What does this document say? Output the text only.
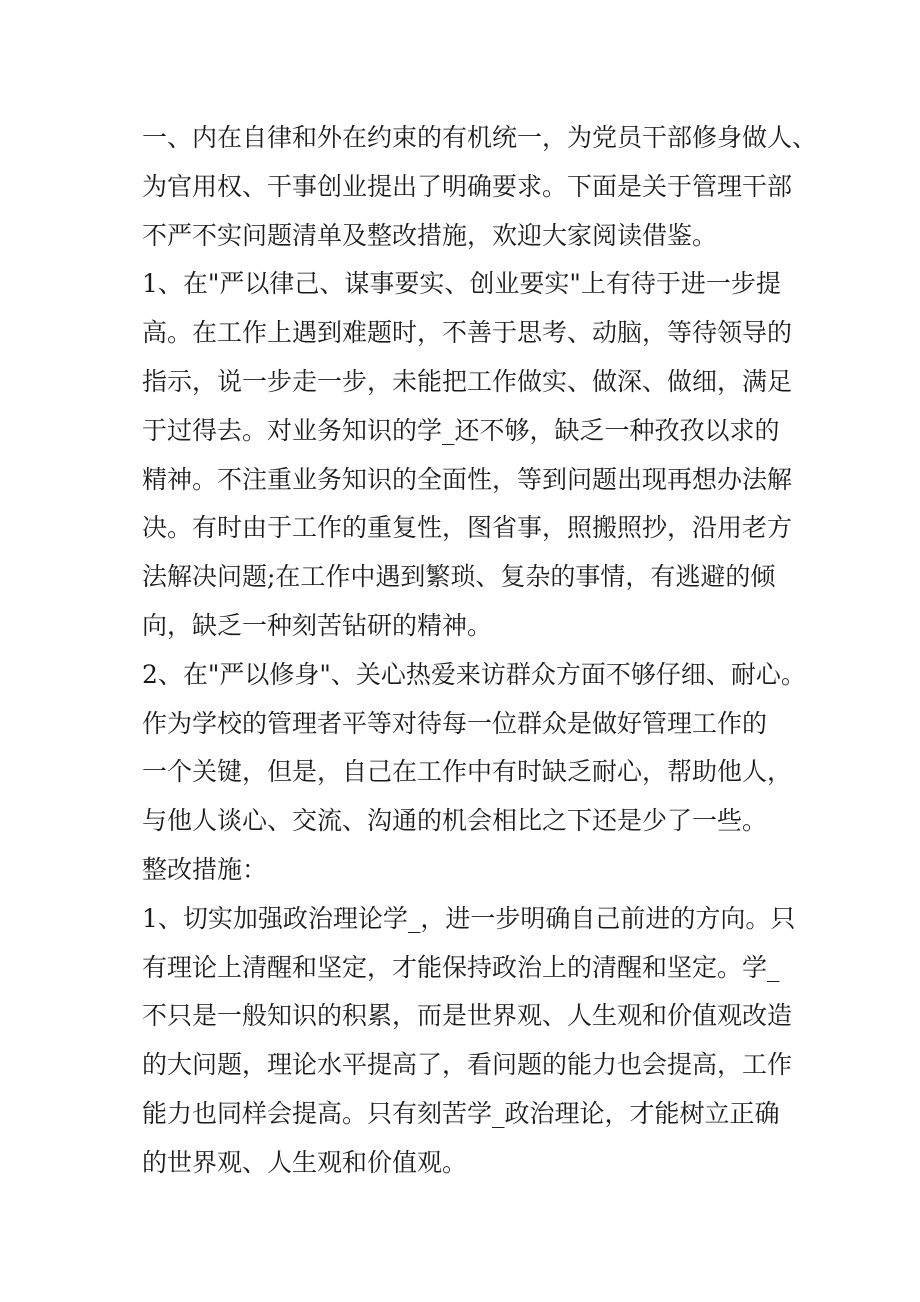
一、内在自律和外在约束的有机统一，为党员干部修身做人、
为官用权、干事创业提出了明确要求。下面是关于管理干部
不严不实问题清单及整改措施，欢迎大家阅读借鉴。
1、在"严以律己、谋事要实、创业要实"上有待于进一步提
高。在工作上遇到难题时，不善于思考、动脑，等待领导的
指示，说一步走一步，未能把工作做实、做深、做细，满足
于过得去。对业务知识的学_还不够，缺乏一种孜孜以求的
精神。不注重业务知识的全面性，等到问题出现再想办法解
决。有时由于工作的重复性，图省事，照搬照抄，沿用老方
法解决问题;在工作中遇到繁琐、复杂的事情，有逃避的倾
向，缺乏一种刻苦钻研的精神。
2、在"严以修身"、关心热爱来访群众方面不够仔细、耐心。
作为学校的管理者平等对待每一位群众是做好管理工作的
一个关键，但是，自己在工作中有时缺乏耐心，帮助他人，
与他人谈心、交流、沟通的机会相比之下还是少了一些。
整改措施：
1、切实加强政治理论学_，进一步明确自己前进的方向。只
有理论上清醒和坚定，才能保持政治上的清醒和坚定。学_
不只是一般知识的积累，而是世界观、人生观和价值观改造
的大问题，理论水平提高了，看问题的能力也会提高，工作
能力也同样会提高。只有刻苦学_政治理论，才能树立正确
的世界观、人生观和价值观。
